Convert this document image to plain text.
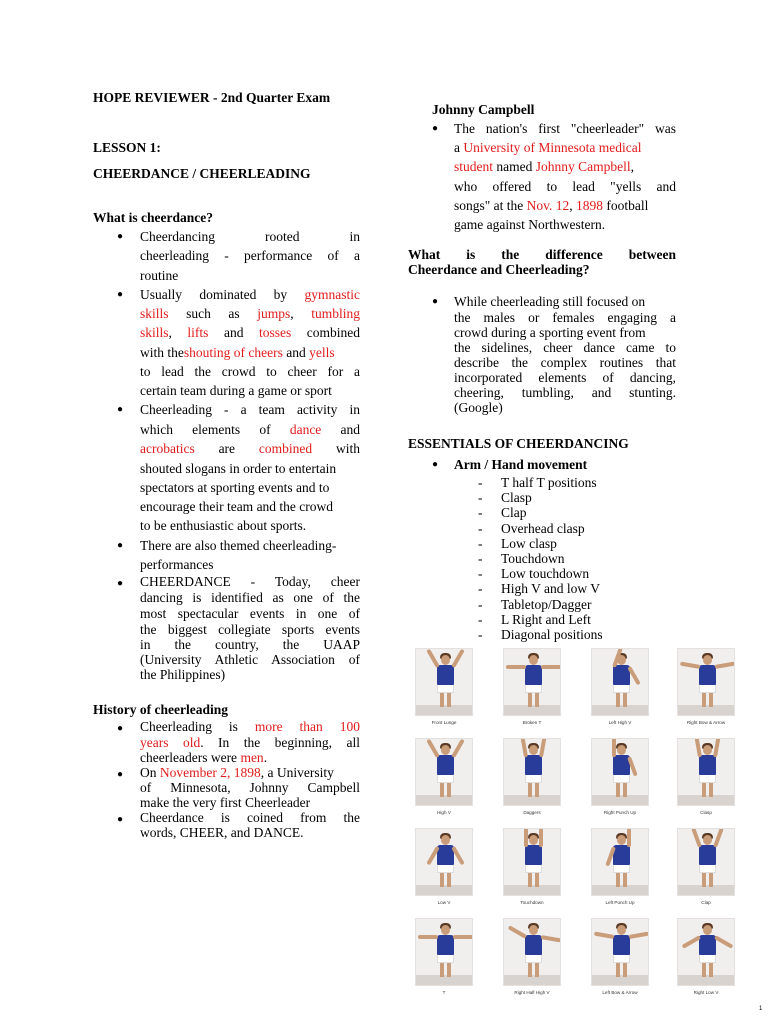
HOPE REVIEWER - 2nd Quarter Exam
LESSON 1:
CHEERDANCE / CHEERLEADING
What is cheerdance?
● Cheerdancing	rooted	in
cheerleading - performance of a
routine
● Usually dominated by gymnastic
skills such as jumps, tumbling
skills, lifts and tosses combined
with theshouting of cheers and yells
to lead the crowd to cheer for a
certain team during a game or sport
● Cheerleading - a team activity in
which elements of dance and
acrobatics are combined with
shouted slogans in order to entertain
spectators at sporting events and to
encourage their team and the crowd
to be enthusiastic about sports.
● There are also themed cheerleading-
performances
● CHEERDANCE - Today, cheer
dancing is identified as one of the
most spectacular events in one of
the biggest collegiate sports events
in the country, the UAAP
(University Athletic Association of
the Philippines)
History of cheerleading
● Cheerleading is more than 100
years old. In the beginning, all
cheerleaders were men.
● On November 2, 1898, a University
of Minnesota, Johnny Campbell
make the very first Cheerleader
● Cheerdance is coined from the
words, CHEER, and DANCE.
Johnny Campbell
● The nation's first "cheerleader" was
a University of Minnesota medical
student named Johnny Campbell,
who offered to lead "yells and
songs" at the Nov. 12, 1898 football
game against Northwestern.
What is the difference between
Cheerdance and Cheerleading?
● While cheerleading still focused on
the males or females engaging a
crowd during a sporting event from
the sidelines, cheer dance came to
describe the complex routines that
incorporated elements of dancing,
cheering, tumbling, and stunting.
(Google)
ESSENTIALS OF CHEERDANCING
● Arm / Hand movement
- T half T positions
- Clasp
- Clap
- Overhead clasp
- Low clasp
- Touchdown
- Low touchdown
- High V and low V
- Tabletop/Dagger
- L Right and Left
- Diagonal positions
Front Lunge	Broken T	Left High V	Right Bow & Arrow
High V	Daggers	Right Punch Up	Clasp
Low V	Touchdown	Left Punch Up	Clap
T	Right Half High V	Left Bow & Arrow	Right Low V
1
